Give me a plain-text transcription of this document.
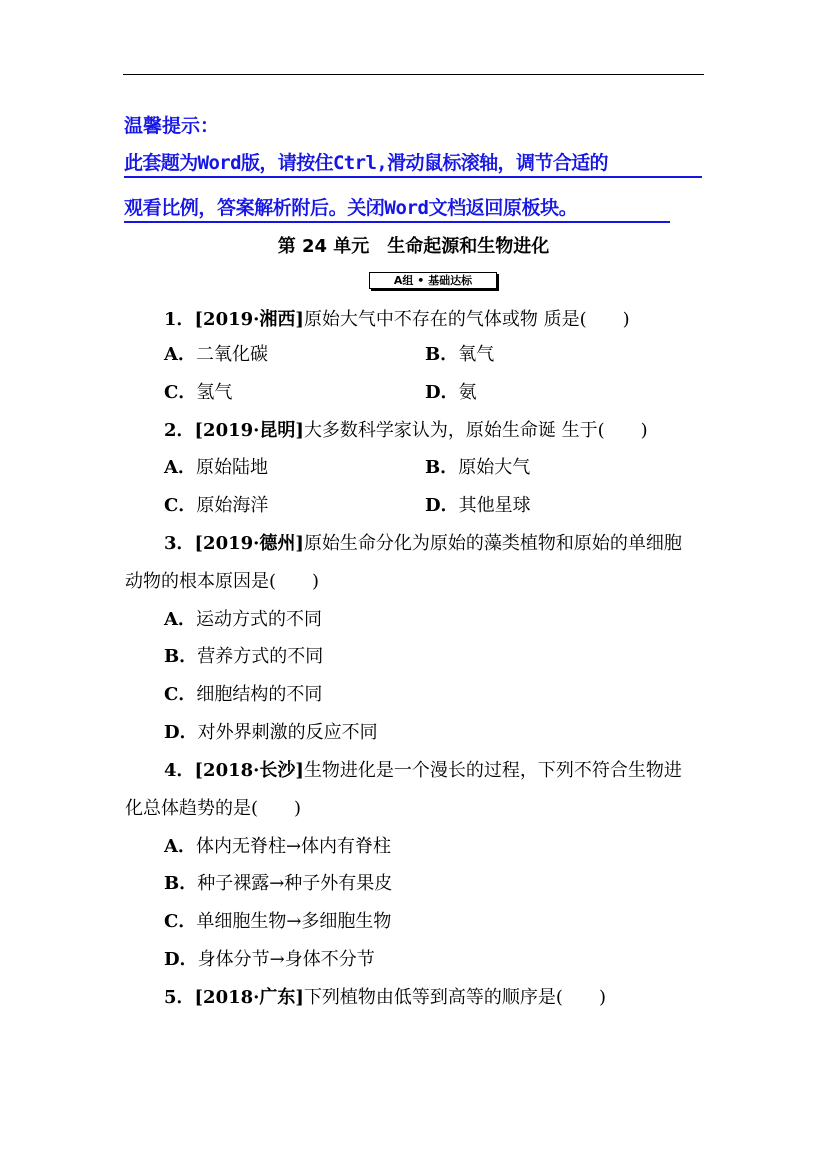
温馨提示：
此套题为Word版，请按住Ctrl,滑动鼠标滚轴，调节合适的
观看比例，答案解析附后。关闭Word文档返回原板块。
第 24 单元　生命起源和生物进化
A组 • 基础达标
1．[2019·湘西]原始大气中不存在的气体或物 质是(　　)
A．二氧化碳	B．氧气
C．氢气	D．氨
2．[2019·昆明]大多数科学家认为，原始生命诞 生于(　　)
A．原始陆地	B．原始大气
C．原始海洋	D．其他星球
3．[2019·德州]原始生命分化为原始的藻类植物和原始的单细胞
动物的根本原因是(　　)
A．运动方式的不同
B．营养方式的不同
C．细胞结构的不同
D．对外界刺激的反应不同
4．[2018·长沙]生物进化是一个漫长的过程，下列不符合生物进
化总体趋势的是(　　)
A．体内无脊柱→体内有脊柱
B．种子裸露→种子外有果皮
C．单细胞生物→多细胞生物
D．身体分节→身体不分节
5．[2018·广东]下列植物由低等到高等的顺序是(　　)
